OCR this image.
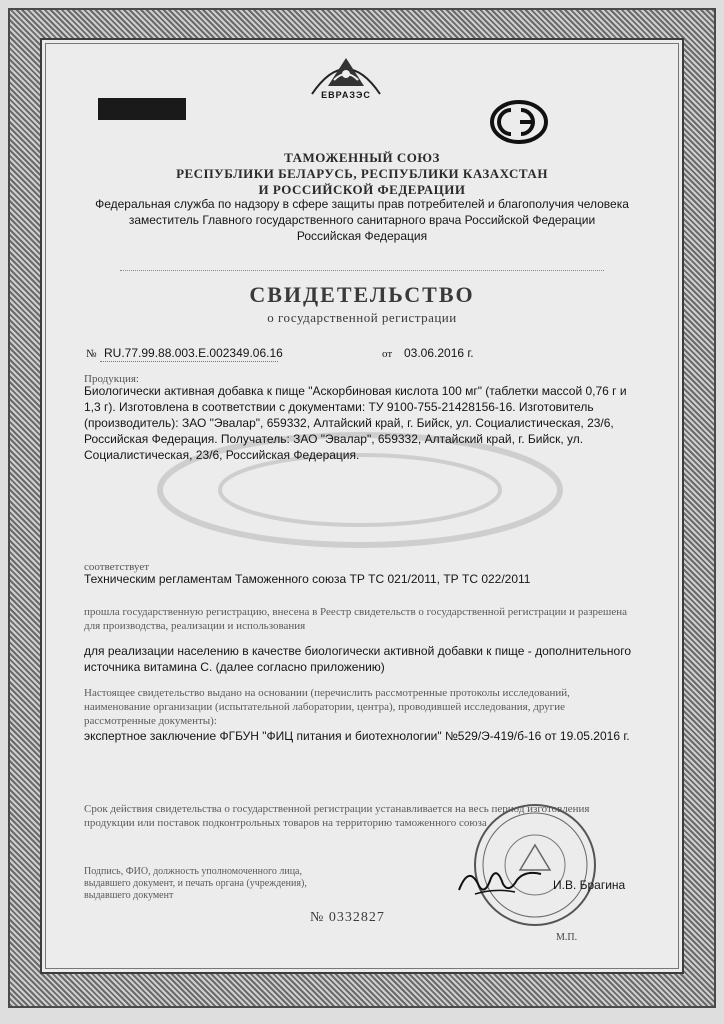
ЕВРАЗЭС
ТАМОЖЕННЫЙ СОЮЗ
РЕСПУБЛИКИ БЕЛАРУСЬ, РЕСПУБЛИКИ КАЗАХСТАН
И РОССИЙСКОЙ ФЕДЕРАЦИИ
Федеральная служба по надзору в сфере защиты прав потребителей и благополучия человека
заместитель Главного государственного санитарного врача Российской Федерации
Российская Федерация
СВИДЕТЕЛЬСТВО
о государственной регистрации
№ RU.77.99.88.003.Е.002349.06.16	от 03.06.2016 г.
Продукция:
Биологически активная добавка к пище "Аскорбиновая кислота 100 мг" (таблетки массой 0,76 г и 1,3 г). Изготовлена в соответствии с документами: ТУ 9100-755-21428156-16. Изготовитель (производитель): ЗАО "Эвалар", 659332, Алтайский край, г. Бийск, ул. Социалистическая, 23/6, Российская Федерация. Получатель: ЗАО "Эвалар", 659332, Алтайский край, г. Бийск, ул. Социалистическая, 23/6, Российская Федерация.
соответствует
Техническим регламентам Таможенного союза ТР ТС 021/2011, ТР ТС 022/2011
прошла государственную регистрацию, внесена в Реестр свидетельств о государственной регистрации и разрешена для производства, реализации и использования
для реализации населению в качестве биологически активной добавки к пище - дополнительного источника витамина С. (далее согласно приложению)
Настоящее свидетельство выдано на основании (перечислить рассмотренные протоколы исследований, наименование организации (испытательной лаборатории, центра), проводившей исследования, другие рассмотренные документы):
экспертное заключение ФГБУН "ФИЦ питания и биотехнологии" №529/Э-419/б-16 от 19.05.2016 г.
Срок действия свидетельства о государственной регистрации устанавливается на весь период изготовления продукции или поставок подконтрольных товаров на территорию таможенного союза
Подпись, ФИО, должность уполномоченного лица, выдавшего документ, и печать органа (учреждения), выдавшего документ
И.В. Брагина
№ 0332827
М.П.
